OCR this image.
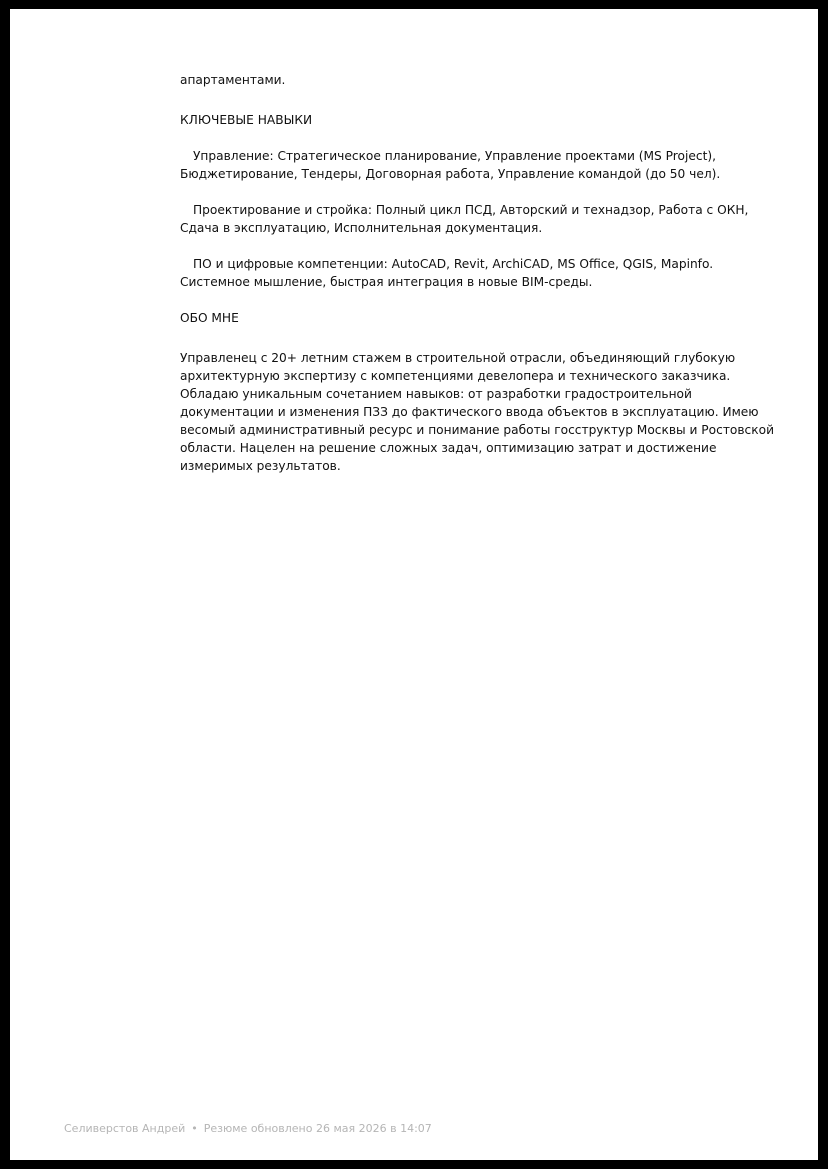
апартаментами.

КЛЮЧЕВЫЕ НАВЫКИ

Управление: Стратегическое планирование, Управление проектами (MS Project), Бюджетирование, Тендеры, Договорная работа, Управление командой (до 50 чел).

Проектирование и стройка: Полный цикл ПСД, Авторский и технадзор, Работа с ОКН, Сдача в эксплуатацию, Исполнительная документация.

ПО и цифровые компетенции: AutoCAD, Revit, ArchiCAD, MS Office, QGIS, Mapinfo. Системное мышление, быстрая интеграция в новые BIM-среды.

ОБО МНЕ

Управленец с 20+ летним стажем в строительной отрасли, объединяющий глубокую архитектурную экспертизу с компетенциями девелопера и технического заказчика. Обладаю уникальным сочетанием навыков: от разработки градостроительной документации и изменения ПЗЗ до фактического ввода объектов в эксплуатацию. Имею весомый административный ресурс и понимание работы госструктур Москвы и Ростовской области. Нацелен на решение сложных задач, оптимизацию затрат и достижение измеримых результатов.

Селиверстов Андрей • Резюме обновлено 26 мая 2026 в 14:07
